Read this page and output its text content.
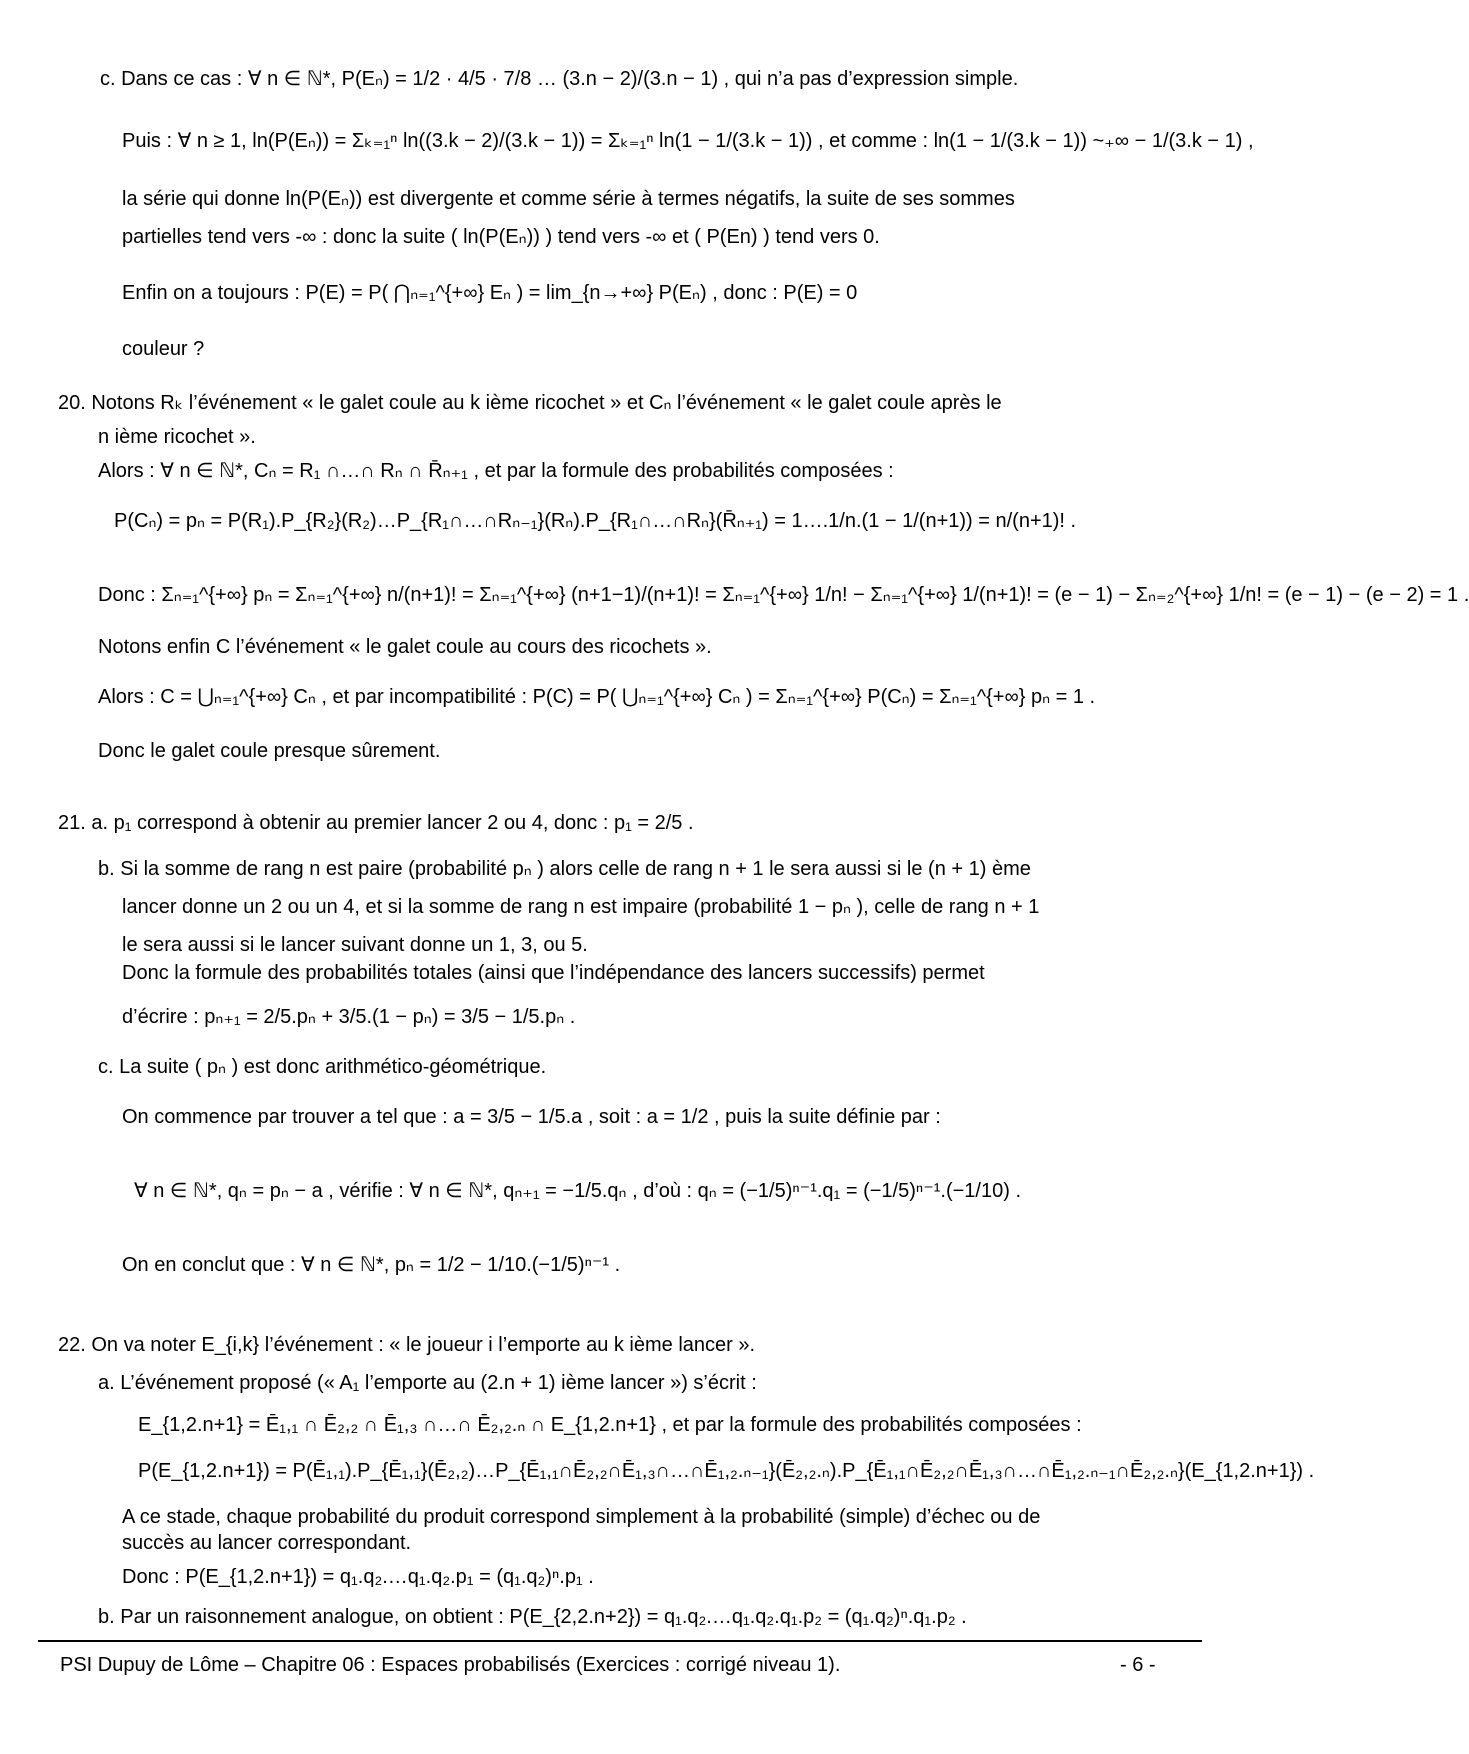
c. Dans ce cas : ∀ n ∈ ℕ*, P(Eₙ) = 1/2 · 4/5 · 7/8 … (3.n − 2)/(3.n − 1) , qui n’a pas d’expression simple.
Puis : ∀ n ≥ 1, ln(P(Eₙ)) = Σₖ₌₁ⁿ ln((3.k − 2)/(3.k − 1)) = Σₖ₌₁ⁿ ln(1 − 1/(3.k − 1)) , et comme : ln(1 − 1/(3.k − 1)) ~₊∞ − 1/(3.k − 1) ,
la série qui donne ln(P(Eₙ)) est divergente et comme série à termes négatifs, la suite de ses sommes
partielles tend vers -∞ : donc la suite ( ln(P(Eₙ)) ) tend vers -∞ et ( P(En) ) tend vers 0.
Enfin on a toujours : P(E) = P( ⋂ₙ₌₁^{+∞} Eₙ ) = lim_{n→+∞} P(Eₙ) , donc : P(E) = 0
couleur ?
20. Notons Rₖ l’événement « le galet coule au k ième ricochet » et Cₙ l’événement « le galet coule après le
n ième ricochet ».
Alors : ∀ n ∈ ℕ*, Cₙ = R₁ ∩…∩ Rₙ ∩ R̄ₙ₊₁ , et par la formule des probabilités composées :
P(Cₙ) = pₙ = P(R₁).P_{R₂}(R₂)…P_{R₁∩…∩Rₙ₋₁}(Rₙ).P_{R₁∩…∩Rₙ}(R̄ₙ₊₁) = 1….1/n.(1 − 1/(n+1)) = n/(n+1)! .
Donc : Σₙ₌₁^{+∞} pₙ = Σₙ₌₁^{+∞} n/(n+1)! = Σₙ₌₁^{+∞} (n+1−1)/(n+1)! = Σₙ₌₁^{+∞} 1/n! − Σₙ₌₁^{+∞} 1/(n+1)! = (e − 1) − Σₙ₌₂^{+∞} 1/n! = (e − 1) − (e − 2) = 1 .
Notons enfin C l’événement « le galet coule au cours des ricochets ».
Alors : C = ⋃ₙ₌₁^{+∞} Cₙ , et par incompatibilité : P(C) = P( ⋃ₙ₌₁^{+∞} Cₙ ) = Σₙ₌₁^{+∞} P(Cₙ) = Σₙ₌₁^{+∞} pₙ = 1 .
Donc le galet coule presque sûrement.
21. a. p₁ correspond à obtenir au premier lancer 2 ou 4, donc : p₁ = 2/5 .
b. Si la somme de rang n est paire (probabilité pₙ ) alors celle de rang n + 1 le sera aussi si le (n + 1) ème
lancer donne un 2 ou un 4, et si la somme de rang n est impaire (probabilité 1 − pₙ ), celle de rang n + 1
le sera aussi si le lancer suivant donne un 1, 3, ou 5.
Donc la formule des probabilités totales (ainsi que l’indépendance des lancers successifs) permet
d’écrire : pₙ₊₁ = 2/5.pₙ + 3/5.(1 − pₙ) = 3/5 − 1/5.pₙ .
c. La suite ( pₙ ) est donc arithmético-géométrique.
On commence par trouver a tel que : a = 3/5 − 1/5.a , soit : a = 1/2 , puis la suite définie par :
∀ n ∈ ℕ*, qₙ = pₙ − a , vérifie : ∀ n ∈ ℕ*, qₙ₊₁ = −1/5.qₙ , d’où : qₙ = (−1/5)ⁿ⁻¹.q₁ = (−1/5)ⁿ⁻¹.(−1/10) .
On en conclut que : ∀ n ∈ ℕ*, pₙ = 1/2 − 1/10.(−1/5)ⁿ⁻¹ .
22. On va noter E_{i,k} l’événement : « le joueur i l’emporte au k ième lancer ».
a. L’événement proposé (« A₁ l’emporte au (2.n + 1) ième lancer ») s’écrit :
E_{1,2.n+1} = Ē₁,₁ ∩ Ē₂,₂ ∩ Ē₁,₃ ∩…∩ Ē₂,₂.ₙ ∩ E_{1,2.n+1} , et par la formule des probabilités composées :
P(E_{1,2.n+1}) = P(Ē₁,₁).P_{Ē₁,₁}(Ē₂,₂)…P_{Ē₁,₁∩Ē₂,₂∩Ē₁,₃∩…∩Ē₁,₂.ₙ₋₁}(Ē₂,₂.ₙ).P_{Ē₁,₁∩Ē₂,₂∩Ē₁,₃∩…∩Ē₁,₂.ₙ₋₁∩Ē₂,₂.ₙ}(E_{1,2.n+1}) .
A ce stade, chaque probabilité du produit correspond simplement à la probabilité (simple) d’échec ou de
succès au lancer correspondant.
Donc : P(E_{1,2.n+1}) = q₁.q₂.…q₁.q₂.p₁ = (q₁.q₂)ⁿ.p₁ .
b. Par un raisonnement analogue, on obtient : P(E_{2,2.n+2}) = q₁.q₂.…q₁.q₂.q₁.p₂ = (q₁.q₂)ⁿ.q₁.p₂ .
PSI Dupuy de Lôme – Chapitre 06 : Espaces probabilisés (Exercices : corrigé niveau 1).	- 6 -
